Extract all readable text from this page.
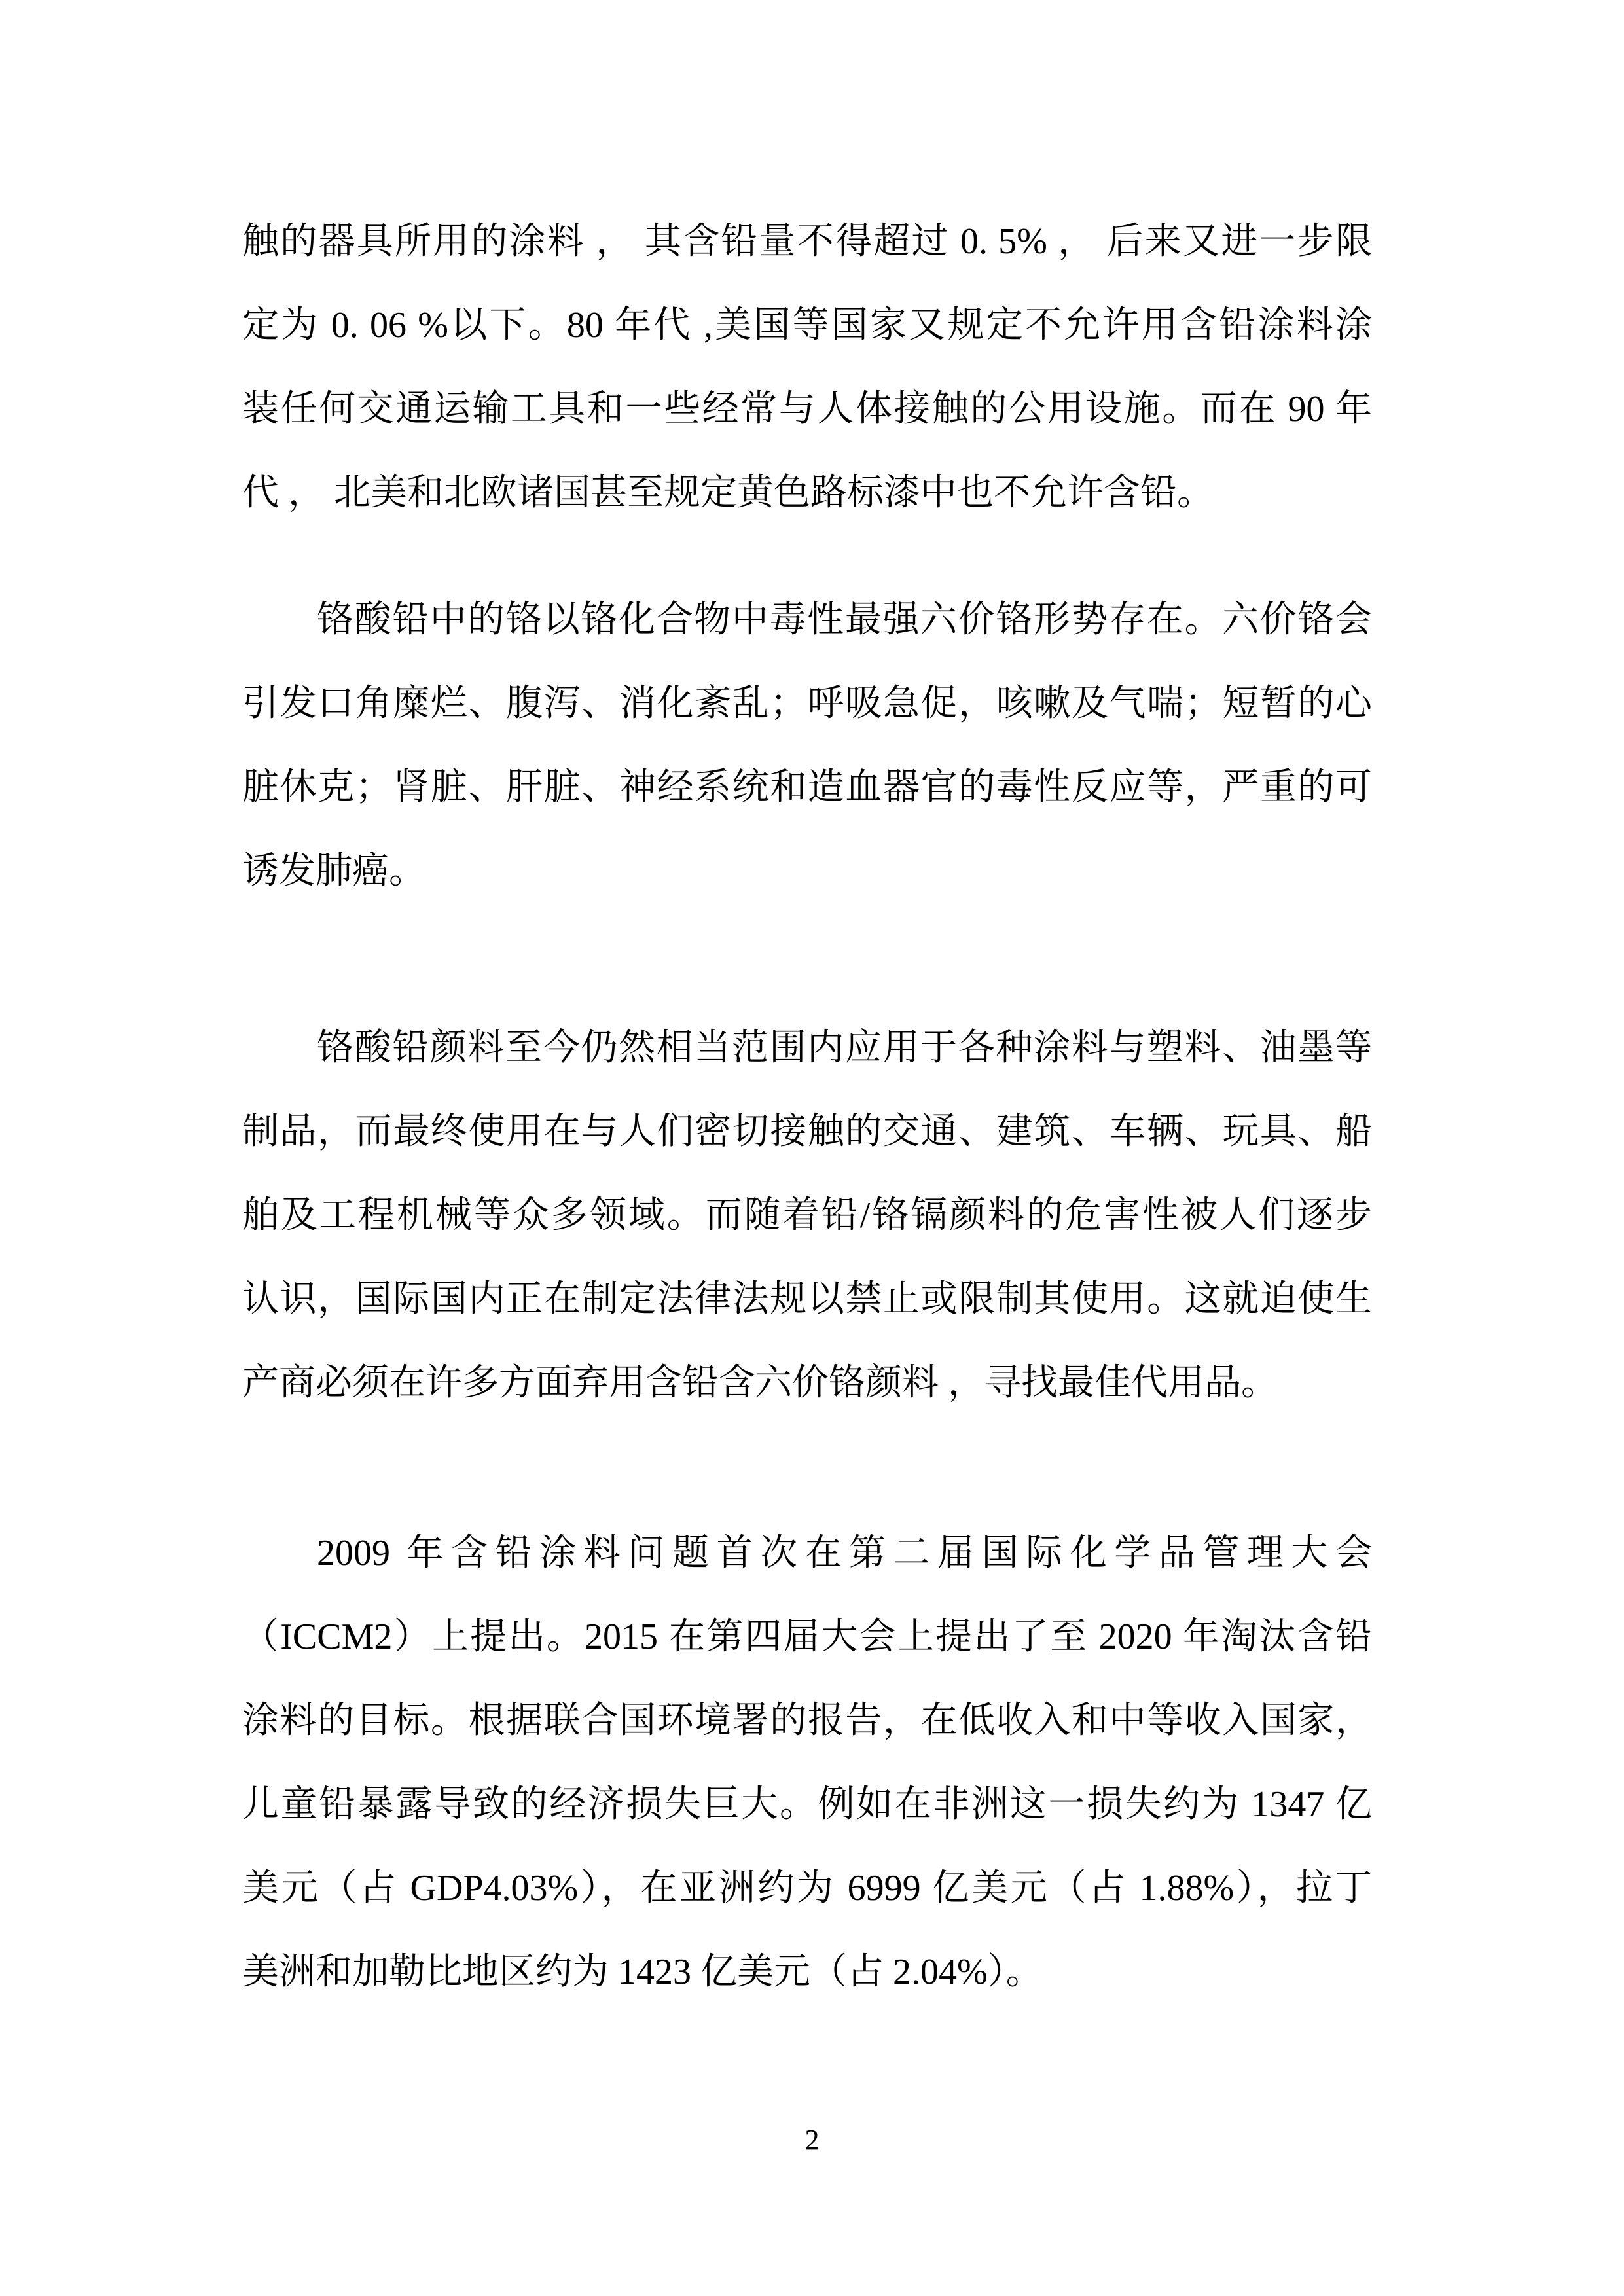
触的器具所用的涂料 ， 其含铅量不得超过 0. 5% ， 后来又进一步限
定为 0. 06 %以下。80 年代 ,美国等国家又规定不允许用含铅涂料涂
装任何交通运输工具和一些经常与人体接触的公用设施。而在 90 年
代 ， 北美和北欧诸国甚至规定黄色路标漆中也不允许含铅。
铬酸铅中的铬以铬化合物中毒性最强六价铬形势存在。六价铬会
引发口角糜烂、腹泻、消化紊乱；呼吸急促，咳嗽及气喘；短暂的心
脏休克；肾脏、肝脏、神经系统和造血器官的毒性反应等，严重的可
诱发肺癌。
铬酸铅颜料至今仍然相当范围内应用于各种涂料与塑料、油墨等
制品，而最终使用在与人们密切接触的交通、建筑、车辆、玩具、船
舶及工程机械等众多领域。而随着铅/铬镉颜料的危害性被人们逐步
认识，国际国内正在制定法律法规以禁止或限制其使用。这就迫使生
产商必须在许多方面弃用含铅含六价铬颜料 ，寻找最佳代用品。
2009 年含铅涂料问题首次在第二届国际化学品管理大会
（ICCM2）上提出。2015 在第四届大会上提出了至 2020 年淘汰含铅
涂料的目标。根据联合国环境署的报告，在低收入和中等收入国家，
儿童铅暴露导致的经济损失巨大。例如在非洲这一损失约为 1347 亿
美元（占 GDP4.03%），在亚洲约为 6999 亿美元（占 1.88%），拉丁
美洲和加勒比地区约为 1423 亿美元（占 2.04%）。
2
